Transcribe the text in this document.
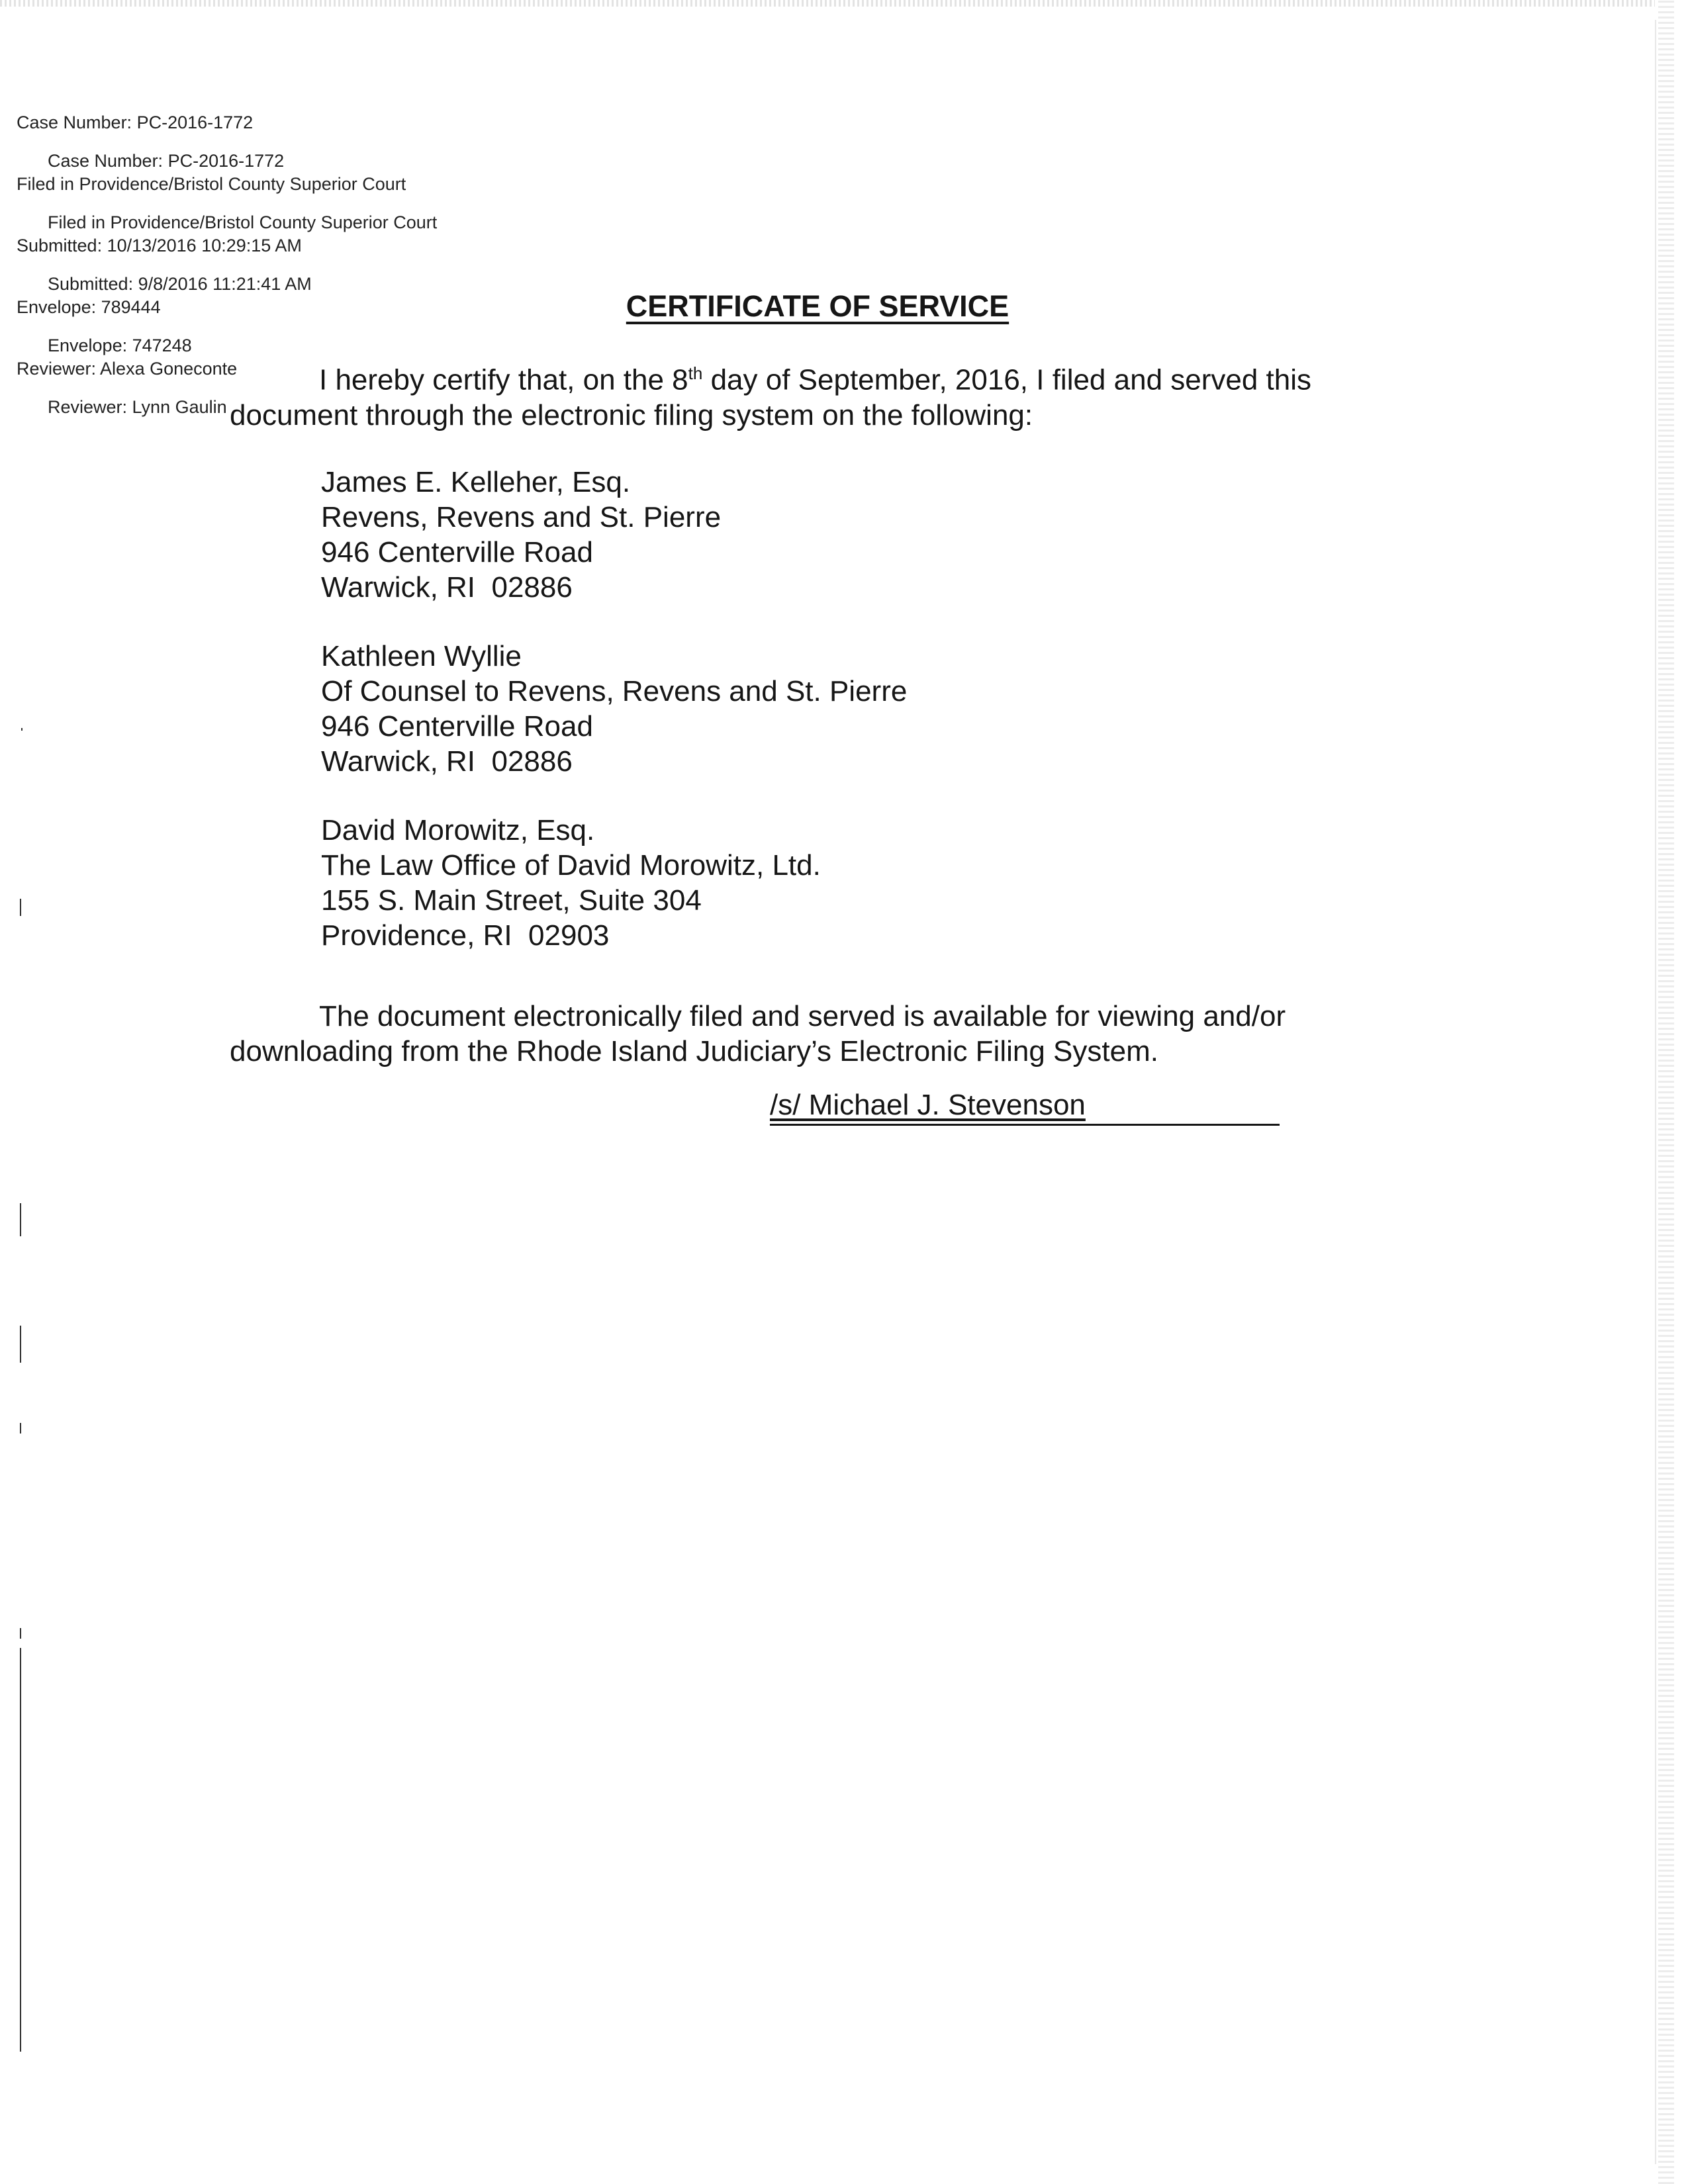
Case Number: PC-2016-1772

Filed in Providence/Bristol County Superior Court

Submitted: 10/13/2016 10:29:15 AM

Envelope: 789444

Reviewer: Alexa Goneconte

Case Number: PC-2016-1772

Filed in Providence/Bristol County Superior Court

Submitted: 9/8/2016 11:21:41 AM

Envelope: 747248

Reviewer: Lynn Gaulin

CERTIFICATE OF SERVICE
I hereby certify that, on the 8th day of September, 2016, I filed and served this
document through the electronic filing system on the following:
James E. Kelleher, Esq.
Revens, Revens and St. Pierre
946 Centerville Road
Warwick, RI  02886
Kathleen Wyllie
Of Counsel to Revens, Revens and St. Pierre
946 Centerville Road
Warwick, RI  02886
David Morowitz, Esq.
The Law Office of David Morowitz, Ltd.
155 S. Main Street, Suite 304
Providence, RI  02903
The document electronically filed and served is available for viewing and/or
downloading from the Rhode Island Judiciary’s Electronic Filing System.
/s/ Michael J. Stevenson
